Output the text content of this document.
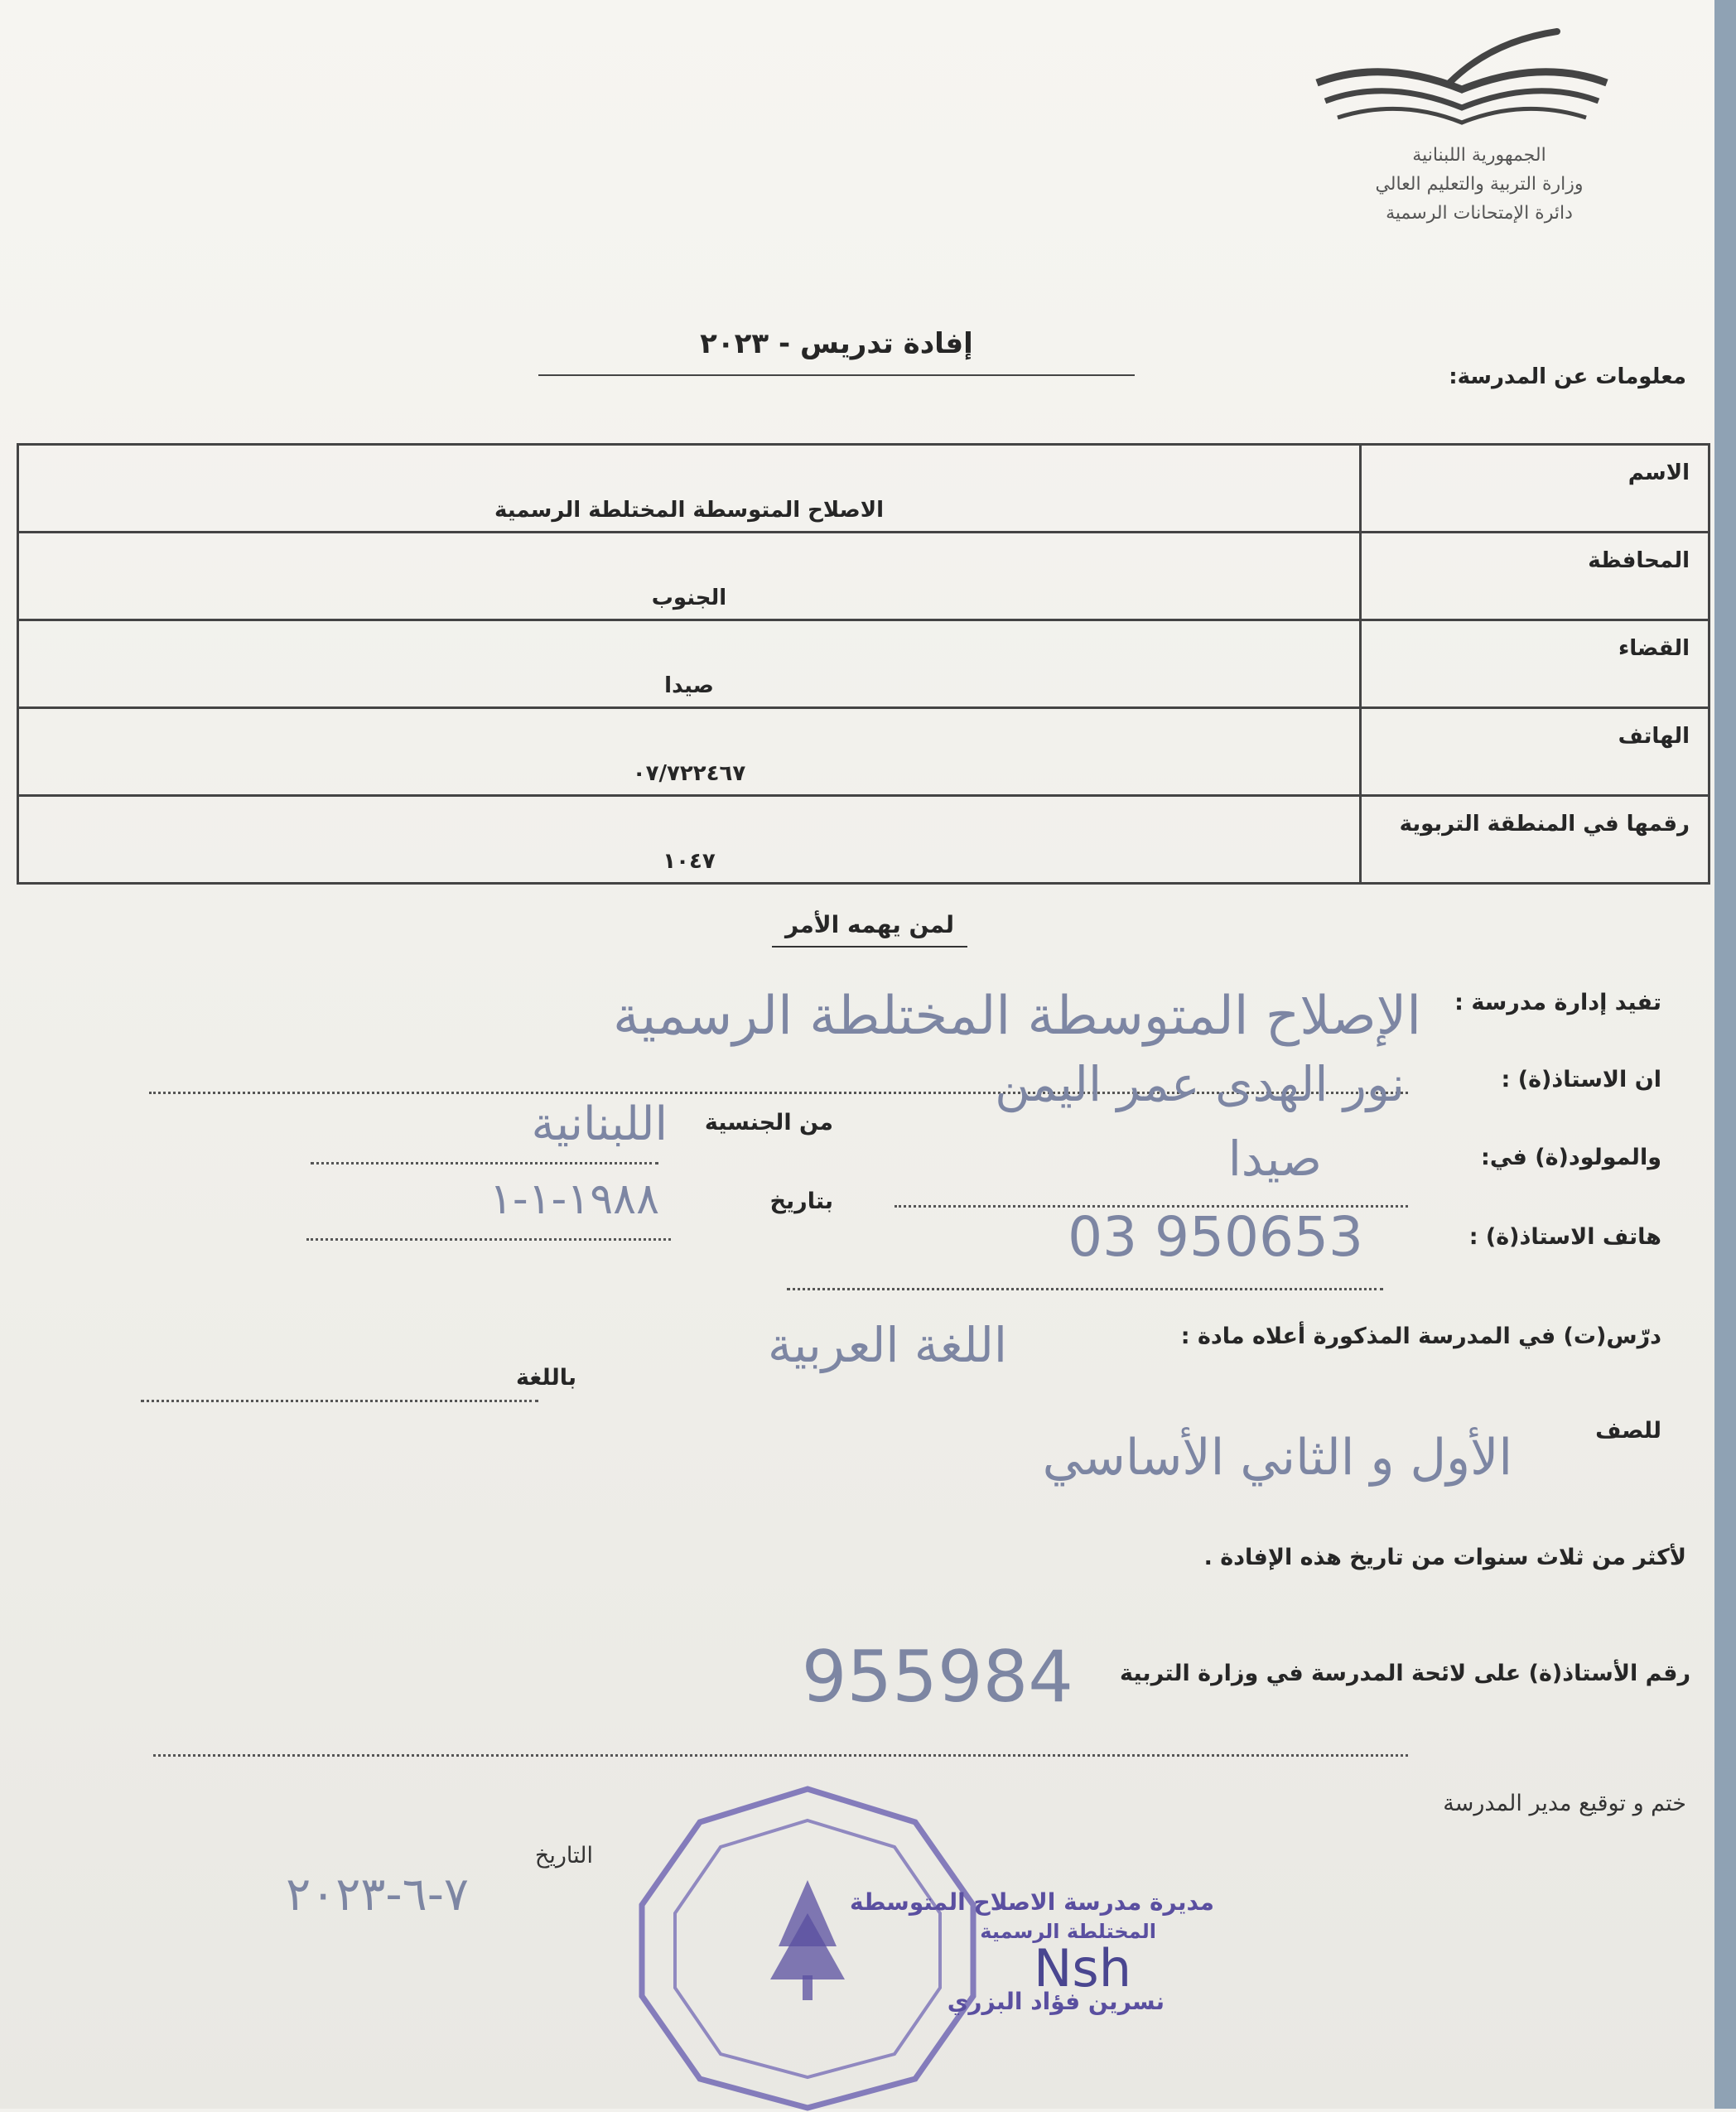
الجمهورية اللبنانية
وزارة التربية والتعليم العالي
دائرة الإمتحانات الرسمية
إفادة تدريس - ٢٠٢٣
معلومات عن المدرسة:
الاسم	الاصلاح المتوسطة المختلطة الرسمية
المحافظة	الجنوب
القضاء	صيدا
الهاتف	٠٧/٧٢٢٤٦٧
رقمها في المنطقة التربوية	١٠٤٧
لمن يهمه الأمر
تفيد إدارة مدرسة :
الإصلاح المتوسطة المختلطة الرسمية
ان الاستاذ(ة) :
نور الهدى عمر اليمن
من الجنسية
اللبنانية
والمولود(ة) في:
صيدا
بتاريخ
١٩٨٨-١-١
هاتف الاستاذ(ة) :
03 950653
درّس(ت) في المدرسة المذكورة أعلاه مادة :
اللغة العربية
باللغة
للصف
الأول و الثاني الأساسي
لأكثر من ثلاث سنوات من تاريخ هذه الإفادة .
رقم الأستاذ(ة) على لائحة المدرسة في وزارة التربية
955984
ختم و توقيع مدير المدرسة
التاريخ
٧-٦-٢٠٢٣	مديرة مدرسة الاصلاح المتوسطة
المختلطة الرسمية
Nsh
نسرين فؤاد البزري
